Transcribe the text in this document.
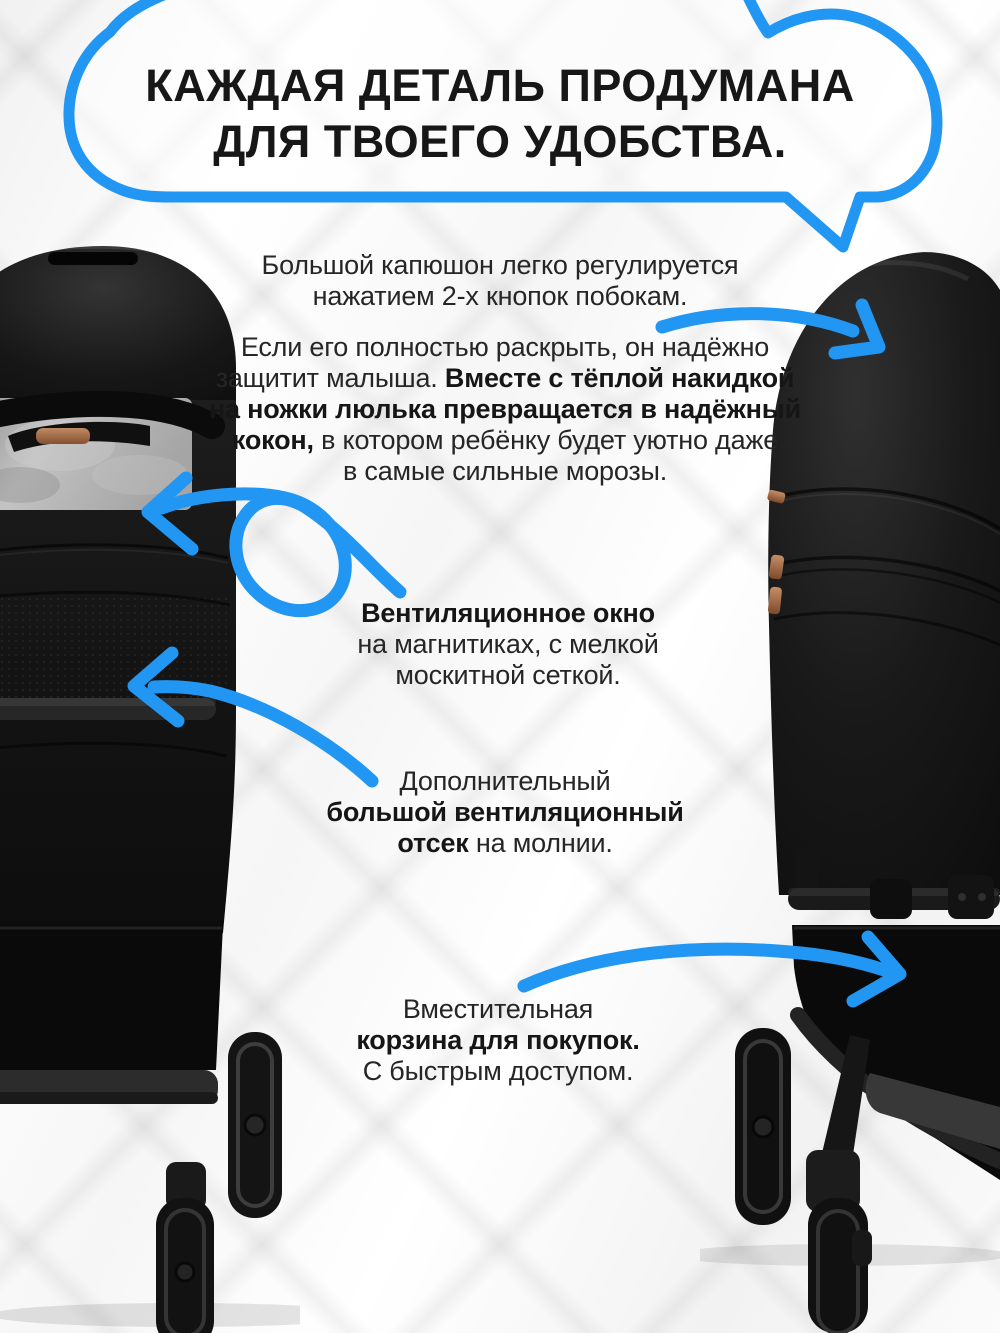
КАЖДАЯ ДЕТАЛЬ ПРОДУМАНА
ДЛЯ ТВОЕГО УДОБСТВА.
Большой капюшон легко регулируется
нажатием 2-х кнопок побокам.
Если его полностью раскрыть, он надёжно
защитит малыша. Вместе с тёплой накидкой
на ножки люлька превращается в надёжный
кокон, в котором ребёнку будет уютно даже
в самые сильные морозы.
Вентиляционное окно
на магнитиках, с мелкой
москитной сеткой.
Дополнительный
большой вентиляционный
отсек на молнии.
Вместительная
корзина для покупок.
С быстрым доступом.
